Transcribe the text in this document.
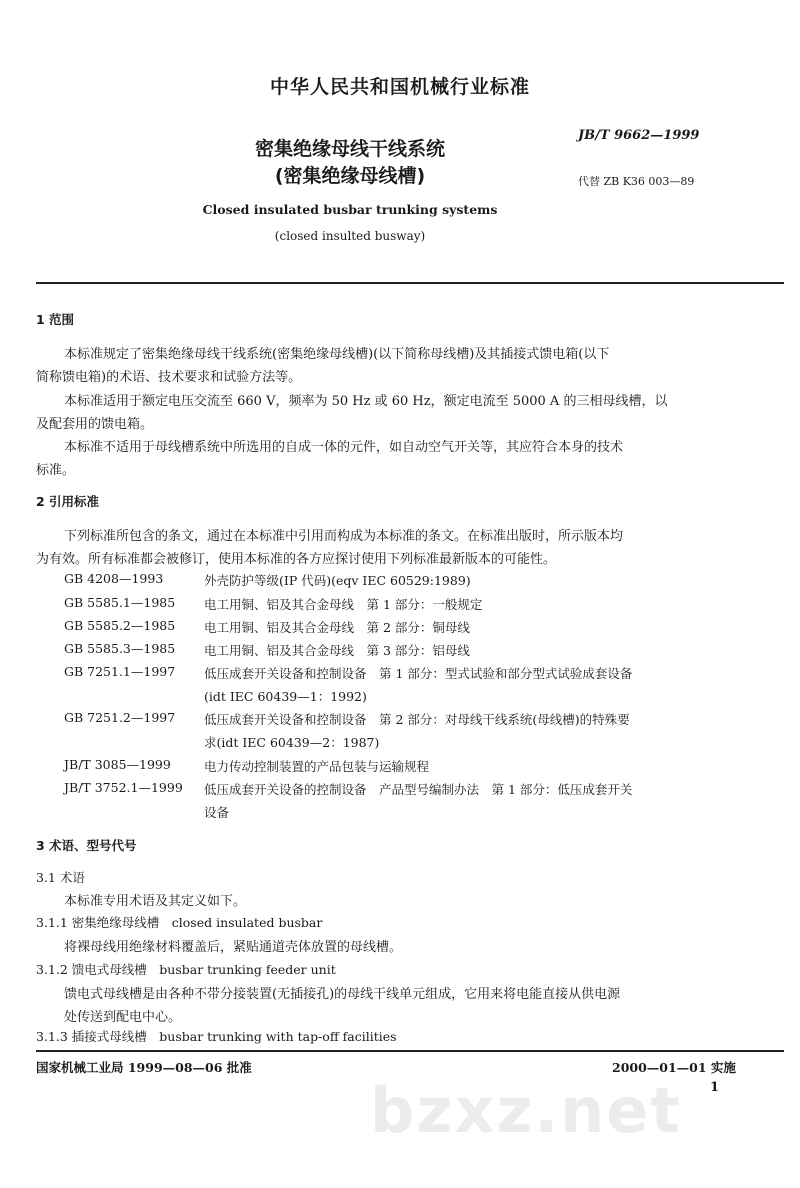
中华人民共和国机械行业标准
密集绝缘母线干线系统
(密集绝缘母线槽)
JB/T 9662—1999
代替 ZB K36 003—89
Closed insulated busbar trunking systems
(closed insulted busway)
1 范围
本标准规定了密集绝缘母线干线系统(密集绝缘母线槽)(以下简称母线槽)及其插接式馈电箱(以下
简称馈电箱)的术语、技术要求和试验方法等。
本标准适用于额定电压交流至 660 V，频率为 50 Hz 或 60 Hz，额定电流至 5000 A 的三相母线槽，以
及配套用的馈电箱。
本标准不适用于母线槽系统中所选用的自成一体的元件，如自动空气开关等，其应符合本身的技术
标准。
2 引用标准
下列标准所包含的条文，通过在本标准中引用而构成为本标准的条文。在标准出版时，所示版本均
为有效。所有标准都会被修订，使用本标准的各方应探讨使用下列标准最新版本的可能性。
GB 4208—1993	外壳防护等级(IP 代码)(eqv IEC 60529:1989)
GB 5585.1—1985 电工用铜、铝及其合金母线　第 1 部分：一般规定
GB 5585.2—1985 电工用铜、铝及其合金母线　第 2 部分：铜母线
GB 5585.3—1985 电工用铜、铝及其合金母线　第 3 部分：铝母线
GB 7251.1—1997 低压成套开关设备和控制设备　第 1 部分：型式试验和部分型式试验成套设备
(idt IEC 60439—1：1992)
GB 7251.2—1997 低压成套开关设备和控制设备　第 2 部分：对母线干线系统(母线槽)的特殊要
求(idt IEC 60439—2：1987)
JB/T 3085—1999	电力传动控制装置的产品包装与运输规程
JB/T 3752.1—1999 低压成套开关设备的控制设备　产品型号编制办法　第 1 部分：低压成套开关
设备
3 术语、型号代号
3.1 术语
本标准专用术语及其定义如下。
3.1.1 密集绝缘母线槽　closed insulated busbar
将裸母线用绝缘材料覆盖后，紧贴通道壳体放置的母线槽。
3.1.2 馈电式母线槽　busbar trunking feeder unit
馈电式母线槽是由各种不带分接装置(无插接孔)的母线干线单元组成，它用来将电能直接从供电源
处传送到配电中心。
3.1.3 插接式母线槽　busbar trunking with tap-off facilities
bzxz.net
国家机械工业局 1999—08—06 批准	2000—01—01 实施
1
